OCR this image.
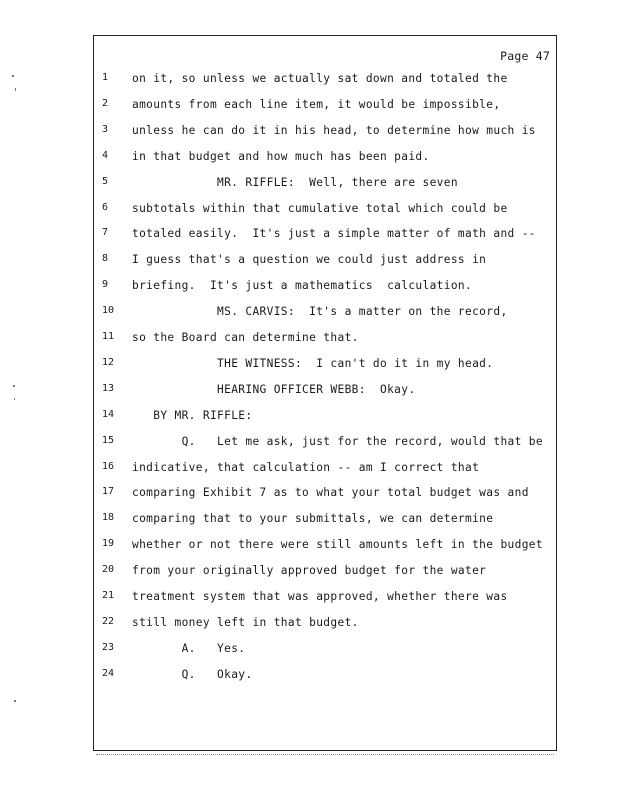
Page 47
1	on it, so unless we actually sat down and totaled the
2	amounts from each line item, it would be impossible,
3	unless he can do it in his head, to determine how much is
4	in that budget and how much has been paid.
5	MR. RIFFLE:  Well, there are seven
6	subtotals within that cumulative total which could be
7	totaled easily.  It's just a simple matter of math and --
8	I guess that's a question we could just address in
9	briefing.  It's just a mathematics  calculation.
10 MS. CARVIS:  It's a matter on the record,
11 so the Board can determine that.
12 THE WITNESS:  I can't do it in my head.
13 HEARING OFFICER WEBB:  Okay.
14 BY MR. RIFFLE:
15 Q.   Let me ask, just for the record, would that be
16 indicative, that calculation -- am I correct that
17 comparing Exhibit 7 as to what your total budget was and
18 comparing that to your submittals, we can determine
19 whether or not there were still amounts left in the budget
20 from your originally approved budget for the water
21 treatment system that was approved, whether there was
22 still money left in that budget.
23 A.   Yes.
24 Q.   Okay.
